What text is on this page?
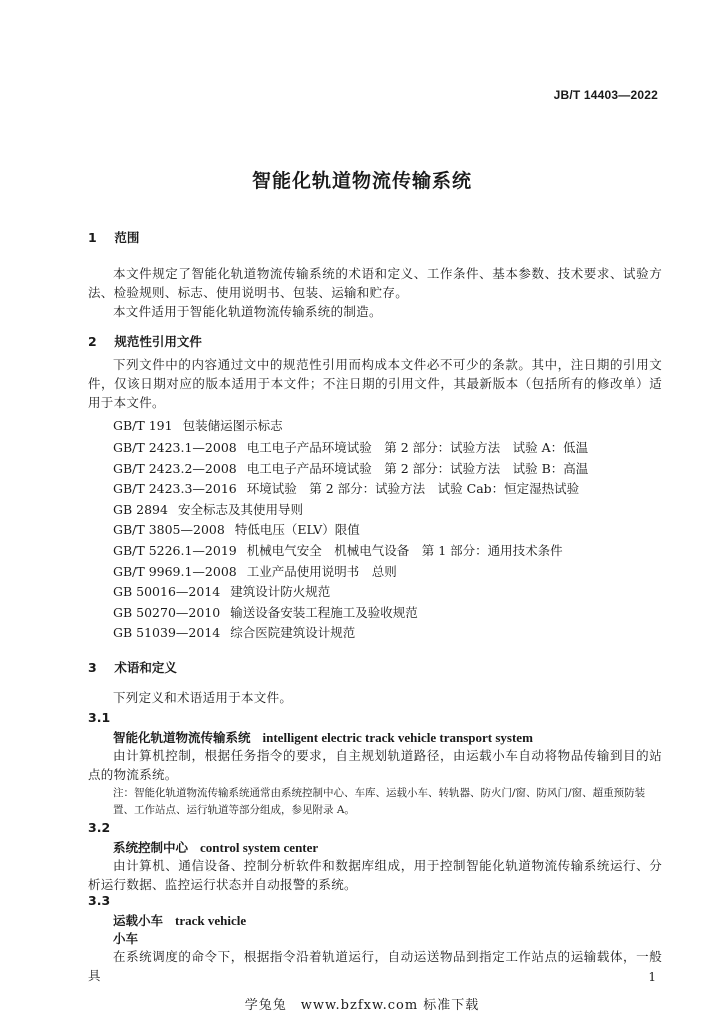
JB/T 14403—2022
智能化轨道物流传输系统
1 范围
本文件规定了智能化轨道物流传输系统的术语和定义、工作条件、基本参数、技术要求、试验方法、检验规则、标志、使用说明书、包装、运输和贮存。
本文件适用于智能化轨道物流传输系统的制造。
2 规范性引用文件
下列文件中的内容通过文中的规范性引用而构成本文件必不可少的条款。其中，注日期的引用文件，仅该日期对应的版本适用于本文件；不注日期的引用文件，其最新版本（包括所有的修改单）适用于本文件。
GB/T 191 包装储运图示标志
GB/T 2423.1—2008 电工电子产品环境试验　第 2 部分：试验方法　试验 A：低温
GB/T 2423.2—2008 电工电子产品环境试验　第 2 部分：试验方法　试验 B：高温
GB/T 2423.3—2016 环境试验　第 2 部分：试验方法　试验 Cab：恒定湿热试验
GB 2894 安全标志及其使用导则
GB/T 3805—2008 特低电压（ELV）限值
GB/T 5226.1—2019 机械电气安全　机械电气设备　第 1 部分：通用技术条件
GB/T 9969.1—2008 工业产品使用说明书　总则
GB 50016—2014 建筑设计防火规范
GB 50270—2010 输送设备安装工程施工及验收规范
GB 51039—2014 综合医院建筑设计规范
3 术语和定义
下列定义和术语适用于本文件。
3.1
智能化轨道物流传输系统 intelligent electric track vehicle transport system
由计算机控制，根据任务指令的要求，自主规划轨道路径，由运载小车自动将物品传输到目的站点的物流系统。
注：智能化轨道物流传输系统通常由系统控制中心、车库、运载小车、转轨器、防火门/窗、防风门/窗、超重预防装置、工作站点、运行轨道等部分组成，参见附录 A。
3.2
系统控制中心 control system center
由计算机、通信设备、控制分析软件和数据库组成，用于控制智能化轨道物流传输系统运行、分析运行数据、监控运行状态并自动报警的系统。
3.3
运载小车 track vehicle
小车
在系统调度的命令下，根据指令沿着轨道运行，自动运送物品到指定工作站点的运输载体，一般具	1
学兔兔　www.bzfxw.com 标准下载
